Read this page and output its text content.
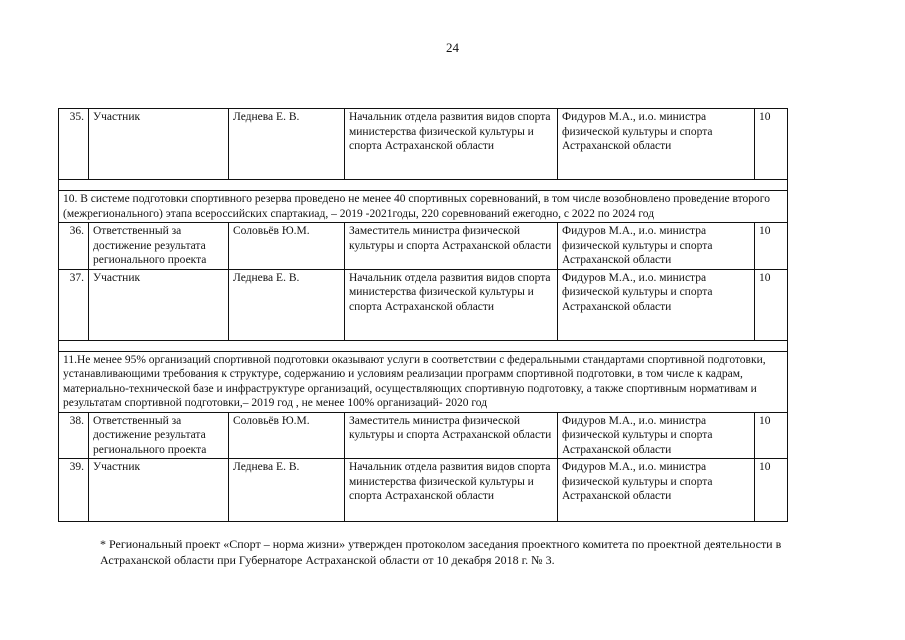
24
35.	Участник	Леднева Е. В.	Начальник отдела развития видов спорта министерства физической культуры и спорта Астраханской области	Фидуров М.А., и.о. министра физической культуры и спорта Астраханской области	10

10. В системе подготовки спортивного резерва проведено не менее 40 спортивных соревнований, в том числе возобновлено проведение второго (межрегионального) этапа всероссийских спартакиад, – 2019 -2021годы, 220 соревнований ежегодно, с 2022 по 2024 год					
36.	Ответственный за достижение результата регионального проекта	Соловьёв Ю.М.	Заместитель министра физической культуры и спорта Астраханской области	Фидуров М.А., и.о. министра физической культуры и спорта Астраханской области	10
37.	Участник	Леднева Е. В.	Начальник отдела развития видов спорта министерства физической культуры и спорта Астраханской области	Фидуров М.А., и.о. министра физической культуры и спорта Астраханской области	10

11.Не менее 95% организаций спортивной подготовки оказывают услуги в соответствии с федеральными стандартами спортивной подготовки, устанавливающими требования к структуре, содержанию и условиям реализации программ спортивной подготовки, в том числе к кадрам, материально-технической базе и инфраструктуре организаций, осуществляющих спортивную подготовку, а также спортивным нормативам и результатам спортивной подготовки,– 2019 год , не менее 100% организаций- 2020 год					
38.	Ответственный за достижение результата регионального проекта	Соловьёв Ю.М.	Заместитель министра физической культуры и спорта Астраханской области	Фидуров М.А., и.о. министра физической культуры и спорта Астраханской области	10
39.	Участник	Леднева Е. В.	Начальник отдела развития видов спорта министерства физической культуры и спорта Астраханской области	Фидуров М.А., и.о. министра физической культуры и спорта Астраханской области	10
* Региональный проект «Спорт – норма жизни» утвержден протоколом заседания проектного комитета по проектной деятельности в Астраханской области при Губернаторе Астраханской области от 10 декабря 2018 г. № 3.
